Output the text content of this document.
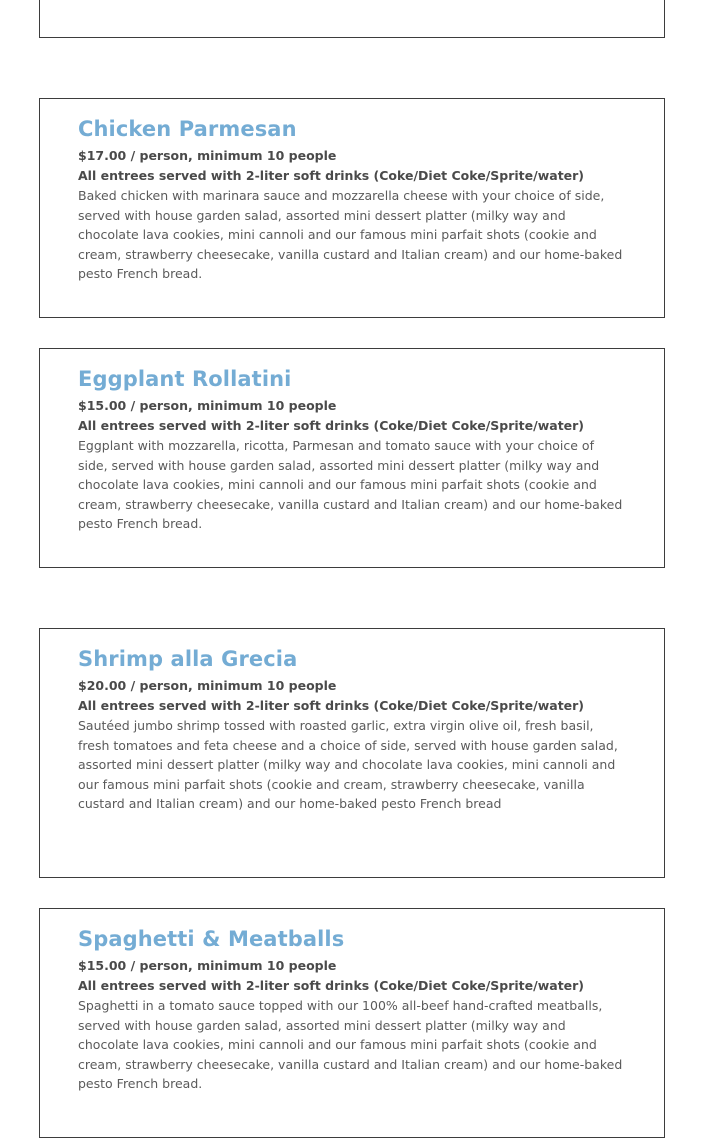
Chicken Parmesan

$17.00 / person, minimum 10 people

All entrees served with 2-liter soft drinks (Coke/Diet Coke/Sprite/water)

Baked chicken with marinara sauce and mozzarella cheese with your choice of side, served with house garden salad, assorted mini dessert platter (milky way and chocolate lava cookies, mini cannoli and our famous mini parfait shots (cookie and cream, strawberry cheesecake, vanilla custard and Italian cream) and our home-baked pesto French bread.

Eggplant Rollatini

$15.00 / person, minimum 10 people

All entrees served with 2-liter soft drinks (Coke/Diet Coke/Sprite/water)

Eggplant with mozzarella, ricotta, Parmesan and tomato sauce with your choice of side, served with house garden salad, assorted mini dessert platter (milky way and chocolate lava cookies, mini cannoli and our famous mini parfait shots (cookie and cream, strawberry cheesecake, vanilla custard and Italian cream) and our home-baked pesto French bread.

Shrimp alla Grecia

$20.00 / person, minimum 10 people

All entrees served with 2-liter soft drinks (Coke/Diet Coke/Sprite/water)

Sautéed jumbo shrimp tossed with roasted garlic, extra virgin olive oil, fresh basil, fresh tomatoes and feta cheese and a choice of side, served with house garden salad, assorted mini dessert platter (milky way and chocolate lava cookies, mini cannoli and our famous mini parfait shots (cookie and cream, strawberry cheesecake, vanilla custard and Italian cream) and our home-baked pesto French bread

Spaghetti & Meatballs

$15.00 / person, minimum 10 people

All entrees served with 2-liter soft drinks (Coke/Diet Coke/Sprite/water)

Spaghetti in a tomato sauce topped with our 100% all-beef hand-crafted meatballs, served with house garden salad, assorted mini dessert platter (milky way and chocolate lava cookies, mini cannoli and our famous mini parfait shots (cookie and cream, strawberry cheesecake, vanilla custard and Italian cream) and our home-baked pesto French bread.
